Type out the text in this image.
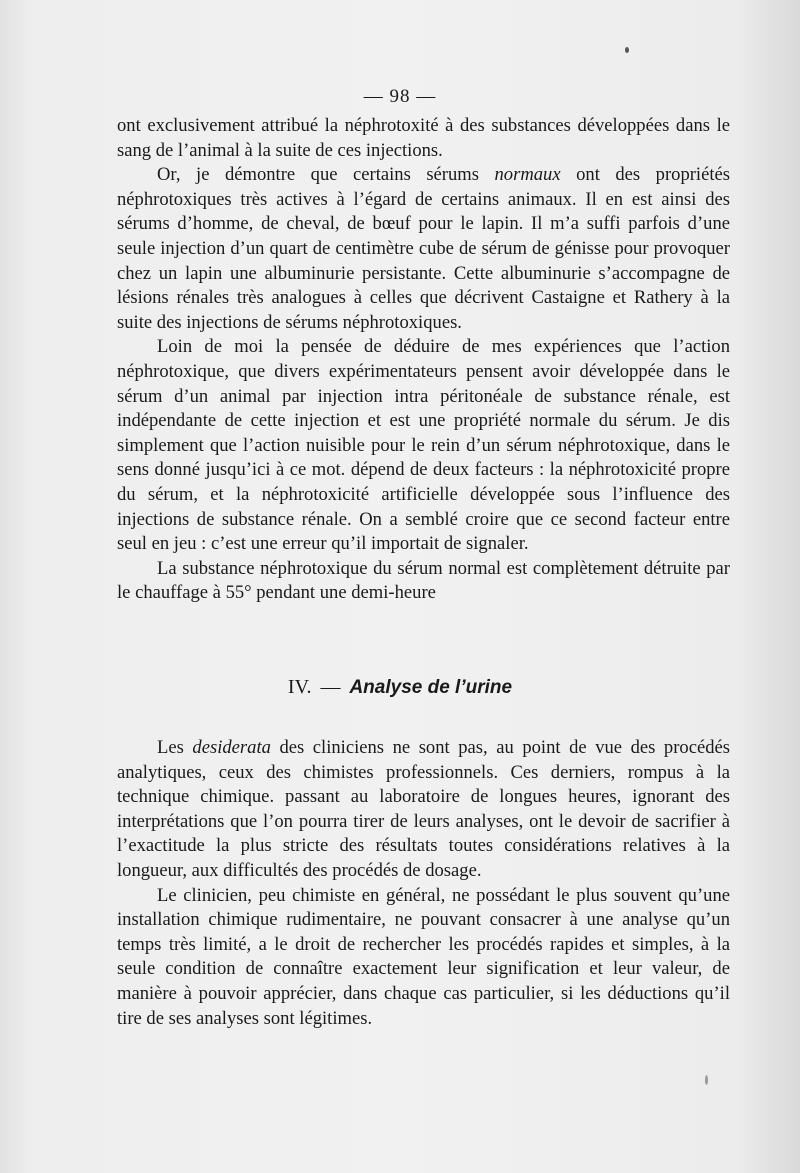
— 98 —

ont exclusivement attribué la néphrotoxité à des substances développées dans le sang de l’animal à la suite de ces injections.

Or, je démontre que certains sérums normaux ont des propriétés néphrotoxiques très actives à l’égard de certains animaux. Il en est ainsi des sérums d’homme, de cheval, de bœuf pour le lapin. Il m’a suffi parfois d’une seule injection d’un quart de centimètre cube de sérum de génisse pour provoquer chez un lapin une albuminurie persistante. Cette albuminurie s’accompagne de lésions rénales très analogues à celles que décrivent Castaigne et Rathery à la suite des injections de sérums néphrotoxiques.

Loin de moi la pensée de déduire de mes expériences que l’action néphrotoxique, que divers expérimentateurs pensent avoir développée dans le sérum d’un animal par injection intra péritonéale de substance rénale, est indépendante de cette injection et est une propriété normale du sérum. Je dis simplement que l’action nuisible pour le rein d’un sérum néphrotoxique, dans le sens donné jusqu’ici à ce mot. dépend de deux facteurs : la néphrotoxicité propre du sérum, et la néphrotoxicité artificielle développée sous l’influence des injections de substance rénale. On a semblé croire que ce second facteur entre seul en jeu : c’est une erreur qu’il importait de signaler.

La substance néphrotoxique du sérum normal est complètement détruite par le chauffage à 55° pendant une demi-heure

IV. — Analyse de l’urine

Les desiderata des cliniciens ne sont pas, au point de vue des procédés analytiques, ceux des chimistes professionnels. Ces derniers, rompus à la technique chimique. passant au laboratoire de longues heures, ignorant des interprétations que l’on pourra tirer de leurs analyses, ont le devoir de sacrifier à l’exactitude la plus stricte des résultats toutes considérations relatives à la longueur, aux difficultés des procédés de dosage.

Le clinicien, peu chimiste en général, ne possédant le plus souvent qu’une installation chimique rudimentaire, ne pouvant consacrer à une analyse qu’un temps très limité, a le droit de rechercher les procédés rapides et simples, à la seule condition de connaître exactement leur signification et leur valeur, de manière à pouvoir apprécier, dans chaque cas particulier, si les déductions qu’il tire de ses analyses sont légitimes.
